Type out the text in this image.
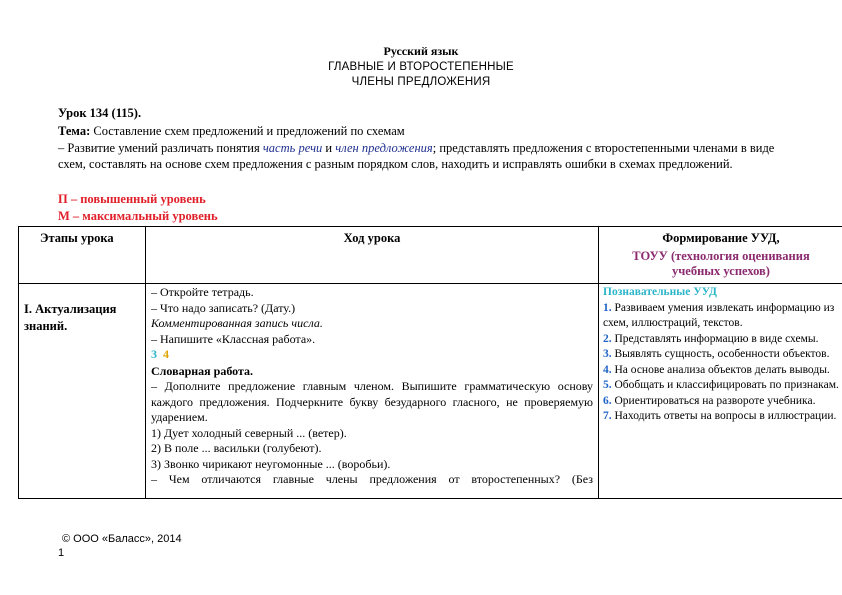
Русский язык
ГЛАВНЫЕ И ВТОРОСТЕПЕННЫЕ
ЧЛЕНЫ ПРЕДЛОЖЕНИЯ
Урок 134 (115).
Тема: Составление схем предложений и предложений по схемам
– Развитие умений различать понятия часть речи и член предложения; представлять предложения с второстепенными членами в виде схем, составлять на основе схем предложения с разным порядком слов, находить и исправлять ошибки в схемах предложений.
П – повышенный уровень
М – максимальный уровень
Этапы урока	Ход урока	Формирование УУД,
ТОУУ (технология оценивания
учебных успехов)
I. Актуализация знаний.

– Откройте тетрадь.

– Что надо записать? (Дату.)

Комментированная запись числа.

– Напишите «Классная работа».

3 4

Словарная работа.

– Дополните предложение главным членом. Выпишите грамматическую основу каждого предложения. Подчеркните букву безударного гласного, не проверяемую ударением.

1) Дует холодный северный ... (ветер).

2) В поле ... васильки (голубеют).

3) Звонко чирикают неугомонные ... (воробьи).

– Чем отличаются главные члены предложения от второстепенных? (Без

Познавательные УУД
1. Развиваем умения извлекать информацию из схем, иллюстраций, текстов.
2. Представлять информацию в виде схемы.
3. Выявлять сущность, особенности объектов.
4. На основе анализа объектов делать выводы.
5. Обобщать и классифицировать по признакам.
6. Ориентироваться на развороте учебника.
7. Находить ответы на вопросы в иллюстрации.
© ООО «Баласс», 2014
1
